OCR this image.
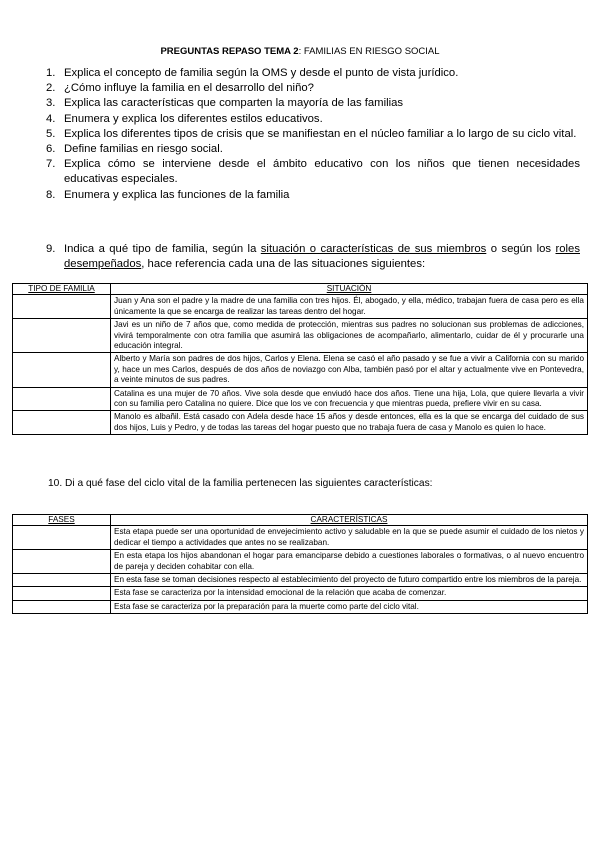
PREGUNTAS REPASO TEMA 2: FAMILIAS EN RIESGO SOCIAL
1. Explica el concepto de familia según la OMS y desde el punto de vista jurídico.
2. ¿Cómo influye la familia en el desarrollo del niño?
3. Explica las características que comparten la mayoría de las familias
4. Enumera y explica los diferentes estilos educativos.
5. Explica los diferentes tipos de crisis que se manifiestan en el núcleo familiar a lo largo de su ciclo vital.
6. Define familias en riesgo social.
7. Explica cómo se interviene desde el ámbito educativo con los niños que tienen necesidades educativas especiales.
8. Enumera y explica las funciones de la familia
9. Indica a qué tipo de familia, según la situación o características de sus miembros o según los roles desempeñados, hace referencia cada una de las situaciones siguientes:
TIPO DE FAMILIA	SITUACIÓN
	Juan y Ana son el padre y la madre de una familia con tres hijos. Él, abogado, y ella, médico, trabajan fuera de casa pero es ella únicamente la que se encarga de realizar las tareas dentro del hogar.
	Javi es un niño de 7 años que, como medida de protección, mientras sus padres no solucionan sus problemas de adicciones, vivirá temporalmente con otra familia que asumirá las obligaciones de acompañarlo, alimentarlo, cuidar de él y procurarle una educación integral.
	Alberto y María son padres de dos hijos, Carlos y Elena. Elena se casó el año pasado y se fue a vivir a California con su marido y, hace un mes Carlos, después de dos años de noviazgo con Alba, también pasó por el altar y actualmente vive en Pontevedra, a veinte minutos de sus padres.
	Catalina es una mujer de 70 años. Vive sola desde que enviudó hace dos años. Tiene una hija, Lola, que quiere llevarla a vivir con su familia pero Catalina no quiere. Dice que los ve con frecuencia y que mientras pueda, prefiere vivir en su casa.
	Manolo es albañil. Está casado con Adela desde hace 15 años y desde entonces, ella es la que se encarga del cuidado de sus dos hijos, Luis y Pedro, y de todas las tareas del hogar puesto que no trabaja fuera de casa y Manolo es quien lo hace.
10. Di a qué fase del ciclo vital de la familia pertenecen las siguientes características:
FASES	CARACTERÍSTICAS
	Esta etapa puede ser una oportunidad de envejecimiento activo y saludable en la que se puede asumir el cuidado de los nietos y dedicar el tiempo a actividades que antes no se realizaban.
	En esta etapa los hijos abandonan el hogar para emanciparse debido a cuestiones laborales o formativas, o al nuevo encuentro de pareja y deciden cohabitar con ella.
	En esta fase se toman decisiones respecto al establecimiento del proyecto de futuro compartido entre los miembros de la pareja.
	Esta fase se caracteriza por la intensidad emocional de la relación que acaba de comenzar.
	Esta fase se caracteriza por la preparación para la muerte como parte del ciclo vital.
